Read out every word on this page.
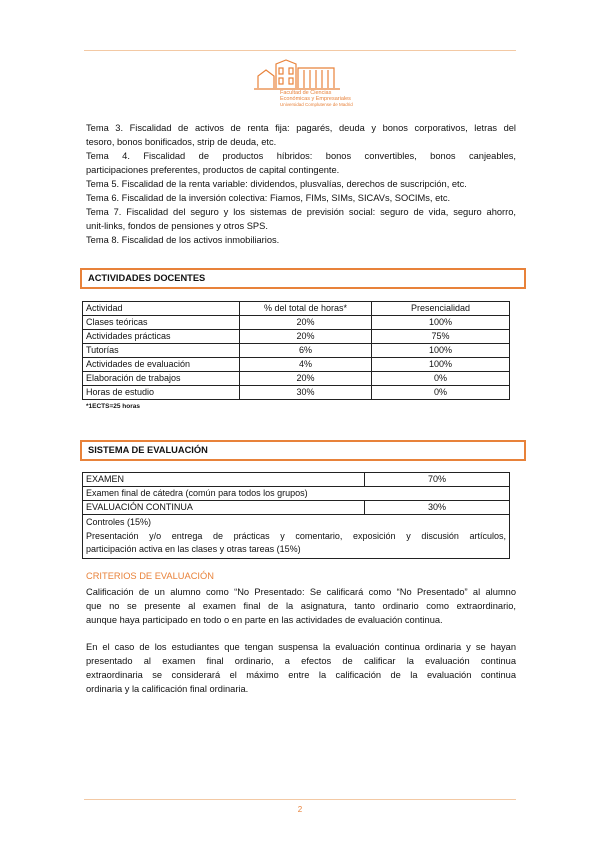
Facultad de Ciencias
Económicas y Empresariales
Universidad Complutense de Madrid
Tema 3. Fiscalidad de activos de renta fija: pagarés, deuda y bonos corporativos, letras del
tesoro, bonos bonificados, strip de deuda, etc.
Tema 4. Fiscalidad de productos híbridos: bonos convertibles, bonos canjeables,
participaciones preferentes, productos de capital contingente.
Tema 5. Fiscalidad de la renta variable: dividendos, plusvalías, derechos de suscripción, etc.
Tema 6. Fiscalidad de la inversión colectiva: Fiamos, FIMs, SIMs, SICAVs, SOCIMs, etc.
Tema 7. Fiscalidad del seguro y los sistemas de previsión social: seguro de vida, seguro ahorro,
unit-links, fondos de pensiones y otros SPS.
Tema 8. Fiscalidad de los activos inmobiliarios.
ACTIVIDADES DOCENTES
Actividad	% del total de horas*	Presencialidad
Clases teóricas	20%	100%
Actividades prácticas	20%	75%
Tutorías	6%	100%
Actividades de evaluación	4%	100%
Elaboración de trabajos	20%	0%
Horas de estudio	30%	0%
*1ECTS=25 horas
SISTEMA DE EVALUACIÓN
EXAMEN	70%
Examen final de cátedra (común para todos los grupos)	
EVALUACIÓN CONTINUA	30%

Controles (15%)
Presentación y/o entrega de prácticas y comentario, exposición y discusión artículos,
participación activa en las clases y otras tareas (15%)	
CRITERIOS DE EVALUACIÓN
Calificación de un alumno como “No Presentado: Se calificará como “No Presentado” al alumno
que no se presente al examen final de la asignatura, tanto ordinario como extraordinario,
aunque haya participado en todo o en parte en las actividades de evaluación continua.
En el caso de los estudiantes que tengan suspensa la evaluación continua ordinaria y se hayan
presentado al examen final ordinario, a efectos de calificar la evaluación continua
extraordinaria se considerará el máximo entre la calificación de la evaluación continua
ordinaria y la calificación final ordinaria.
2
